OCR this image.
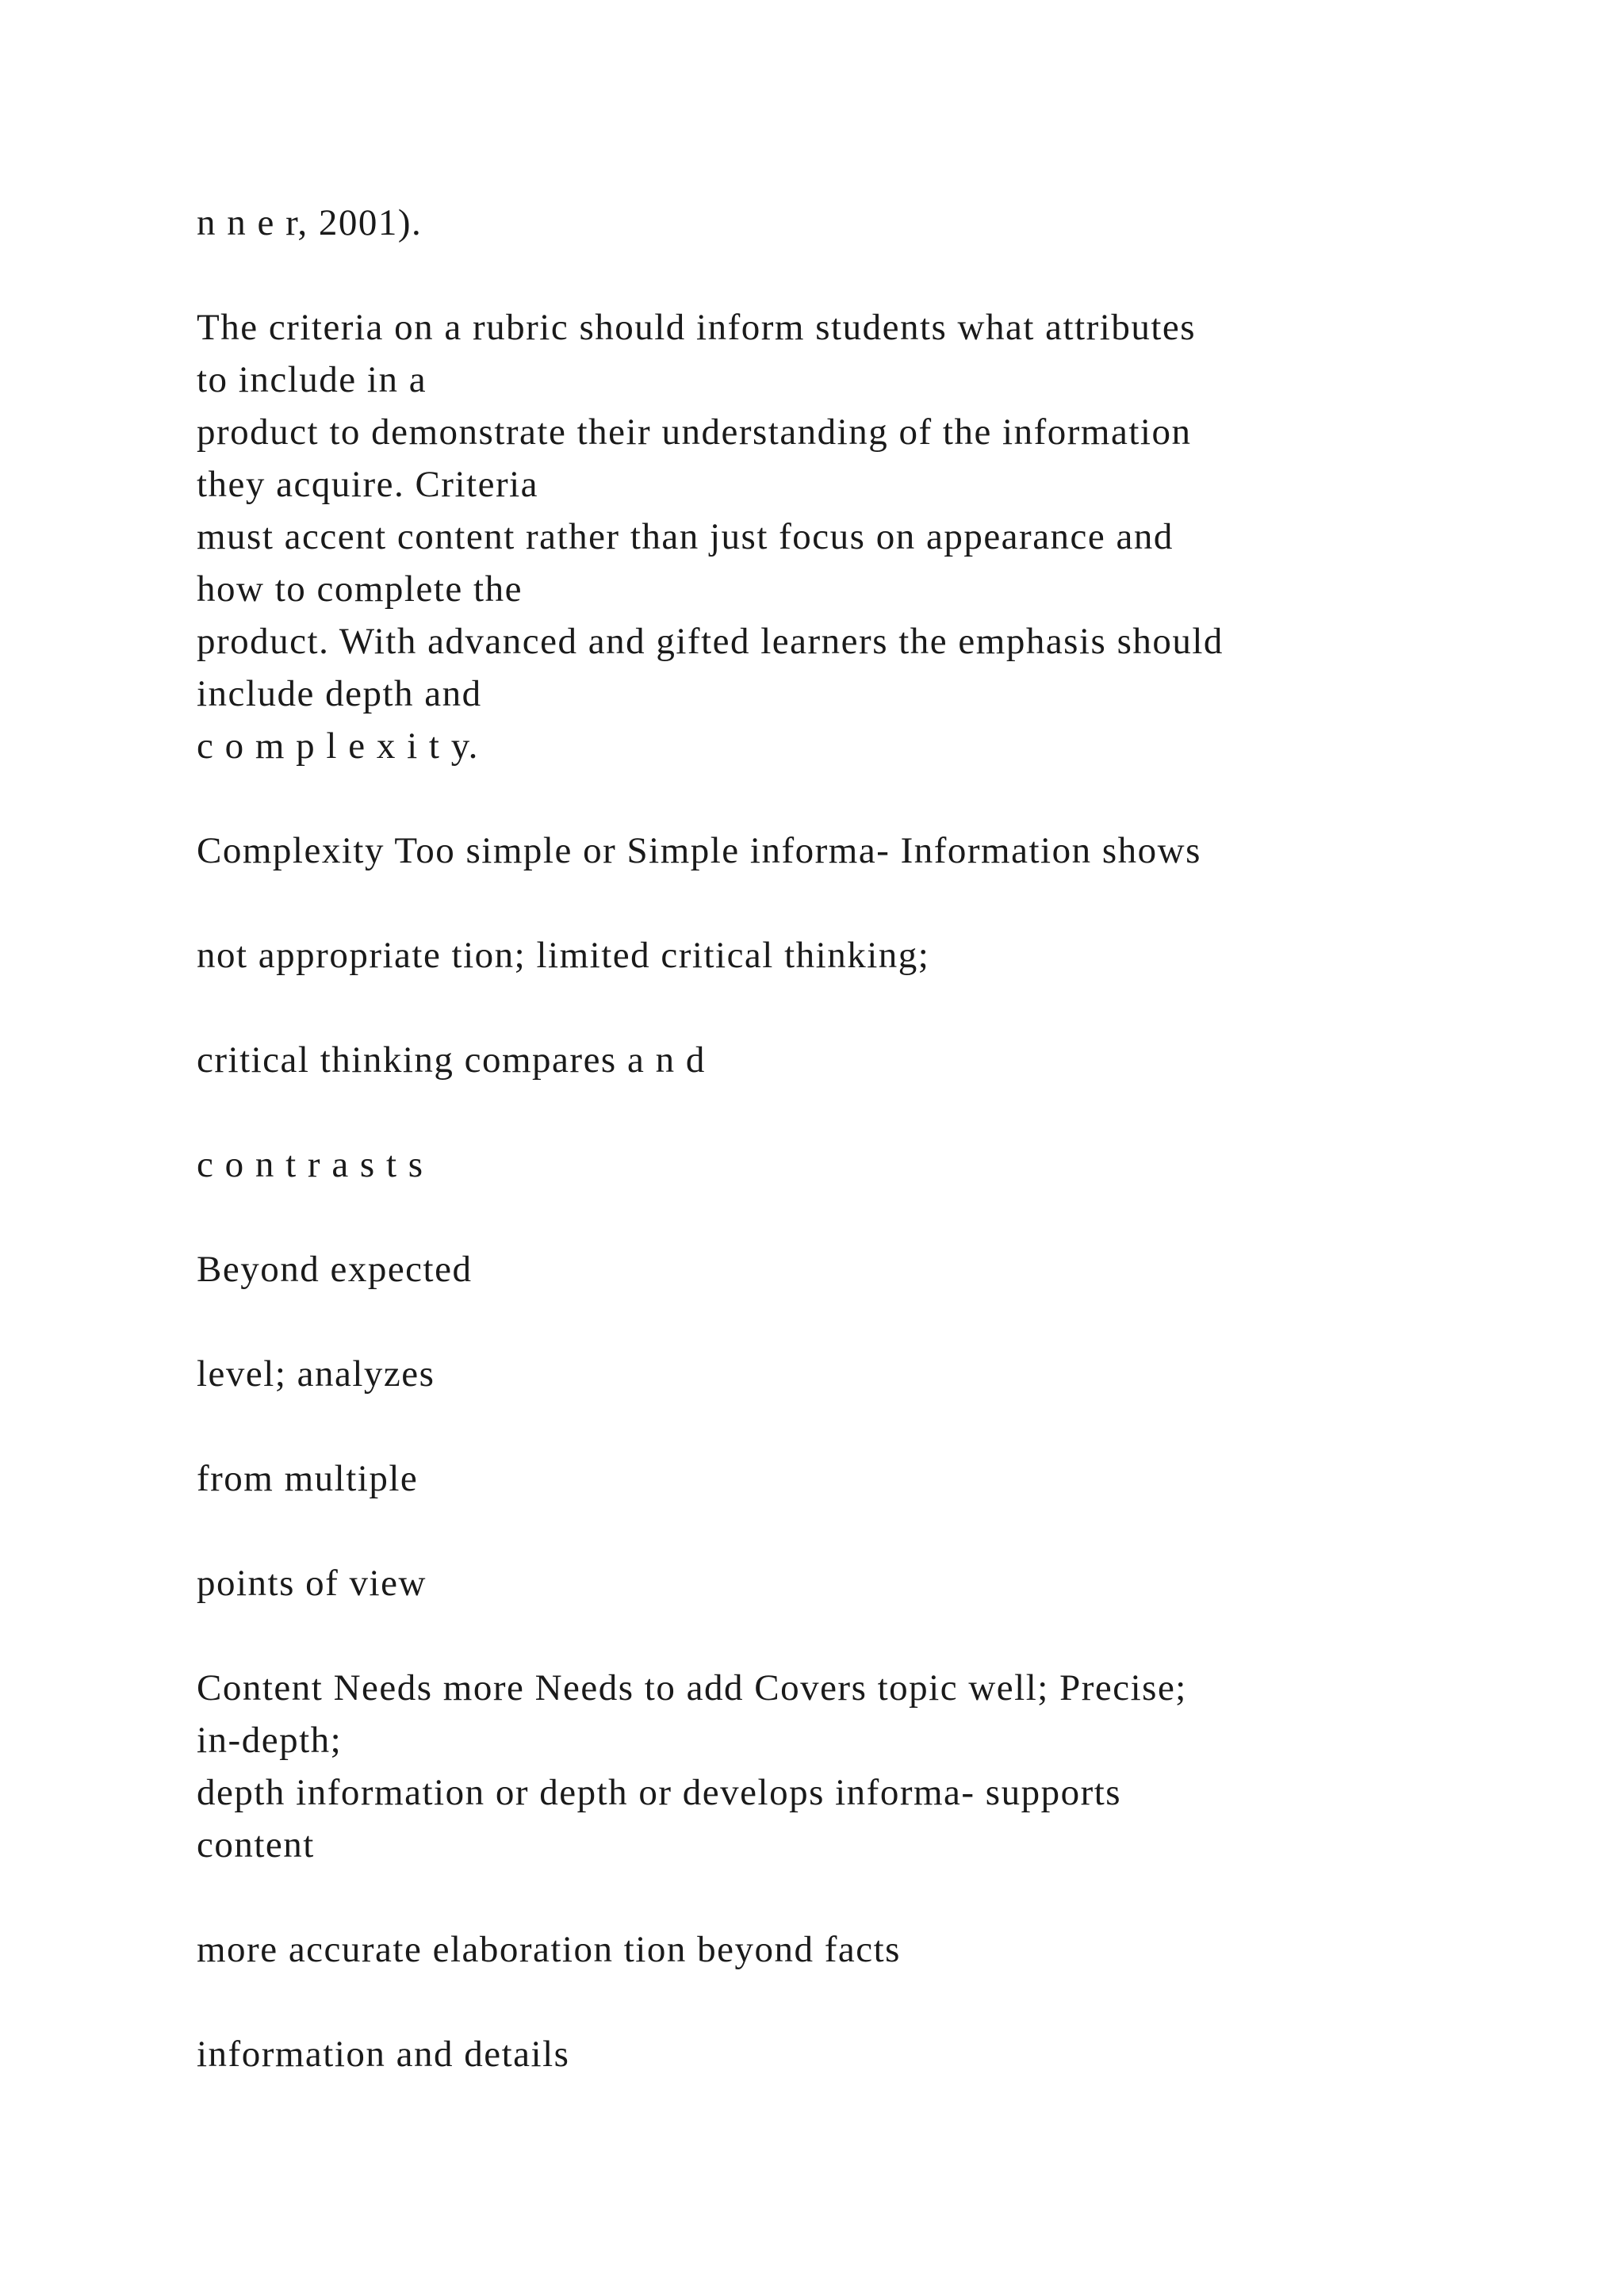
n n e r, 2001).

The criteria on a rubric should inform students what attributes
to include in a
product to demonstrate their understanding of the information
they acquire. Criteria
must accent content rather than just focus on appearance and
how to complete the
product. With advanced and gifted learners the emphasis should
include depth and
c o m p l e x i t y.

Complexity Too simple or Simple informa- Information shows

not appropriate tion; limited critical thinking;

critical thinking compares a n d

c o n t r a s t s

Beyond expected

level; analyzes

from multiple

points of view

Content Needs more Needs to add Covers topic well; Precise;
in-depth;
depth information or depth or develops informa- supports
content

more accurate elaboration tion beyond facts

information and details
